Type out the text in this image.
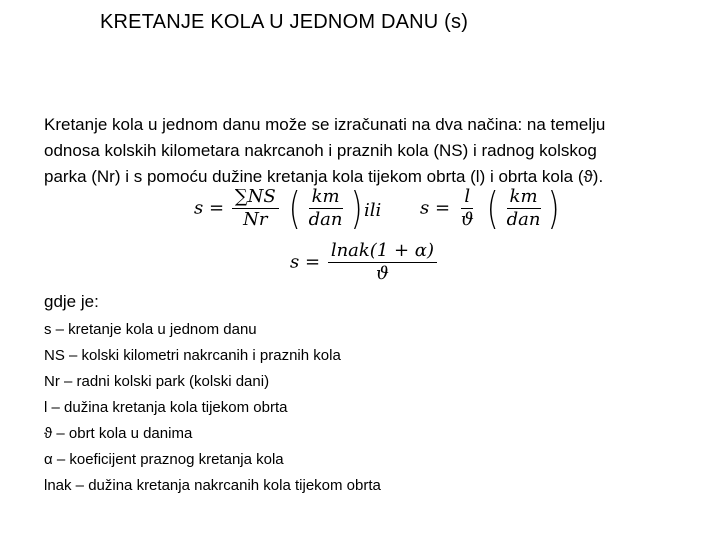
KRETANJE KOLA U JEDNOM DANU (s)
Kretanje kola u jednom danu može se izračunati na dva načina: na temelju
odnosa kolskih kilometara nakrcanoh i praznih kola (NS) i radnog kolskog
parka (Nr) i s pomoću dužine kretanja kola tijekom obrta (l) i obrta kola (ϑ).
$s = \frac{\sum NS}{Nr}$ ( $\frac{km}{\text{dan}}$ ) ili $s = \frac{l}{ϑ}$ ( $\frac{km}{\text{dan}}$ )
$s = \frac{\text{lnak(1 + α)}}{ϑ}$
gdje je:
s – kretanje kola u jednom danu
NS – kolski kilometri nakrcanih i praznih kola
Nr – radni kolski park (kolski dani)
l – dužina kretanja kola tijekom obrta
ϑ – obrt kola u danima
α – koeficijent praznog kretanja kola
lnak – dužina kretanja nakrcanih kola tijekom obrta
